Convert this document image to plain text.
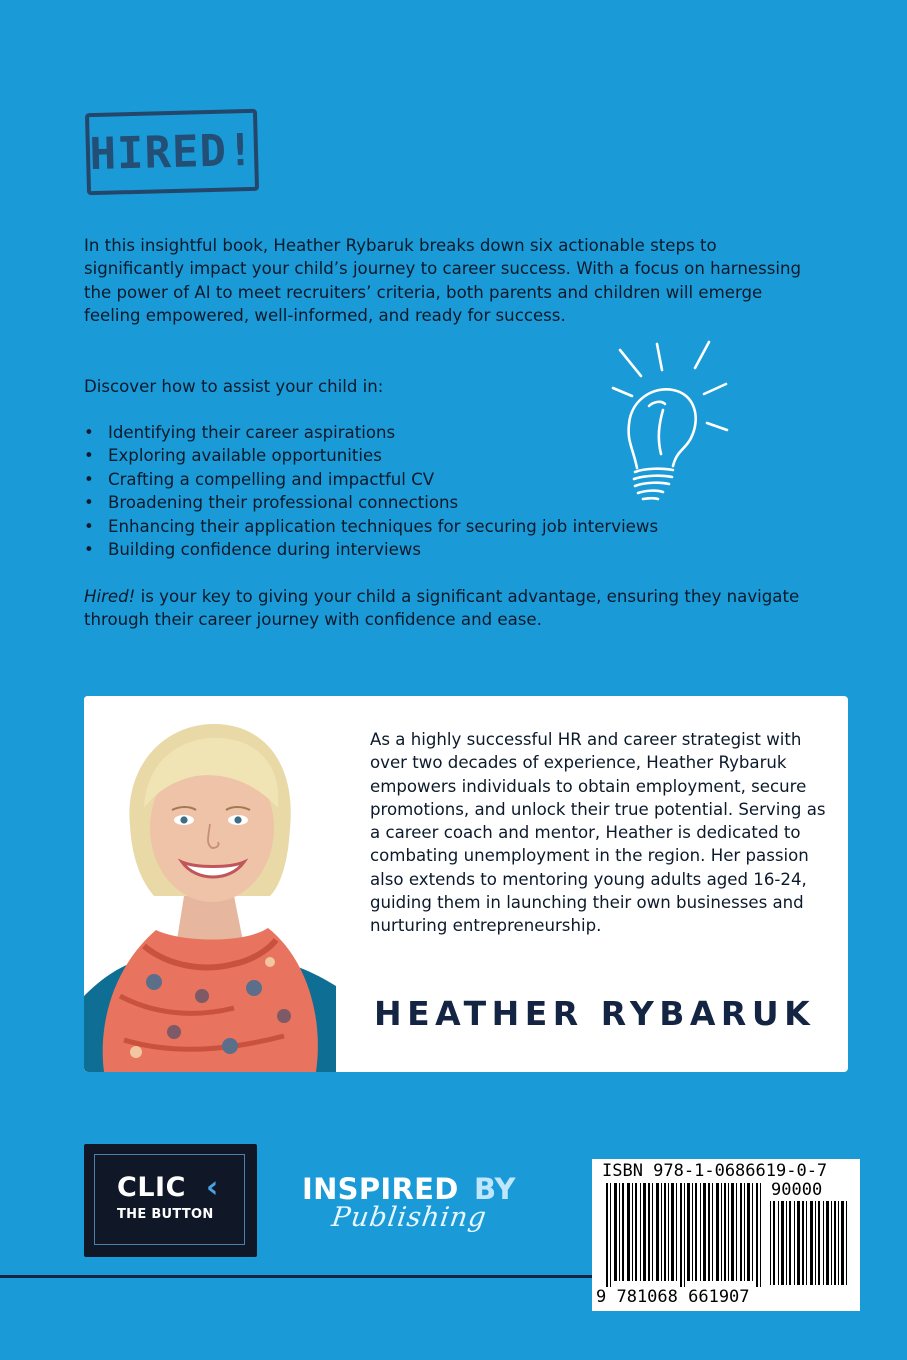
HIRED!
In this insightful book, Heather Rybaruk breaks down six actionable steps to significantly impact your child’s journey to career success. With a focus on harnessing the power of AI to meet recruiters’ criteria, both parents and children will emerge feeling empowered, well-informed, and ready for success.
Discover how to assist your child in:
• Identifying their career aspirations
• Exploring available opportunities
• Crafting a compelling and impactful CV
• Broadening their professional connections
• Enhancing their application techniques for securing job interviews
• Building confidence during interviews
Hired! is your key to giving your child a significant advantage, ensuring they navigate through their career journey with confidence and ease.
As a highly successful HR and career strategist with over two decades of experience, Heather Rybaruk empowers individuals to obtain employment, secure promotions, and unlock their true potential. Serving as a career coach and mentor, Heather is dedicated to combating unemployment in the region. Her passion also extends to mentoring young adults aged 16-24, guiding them in launching their own businesses and nurturing entrepreneurship.
HEATHER RYBARUK
CLIC ‹
THE BUTTON
INSPIRED BY
Publishing
ISBN 978-1-0686619-0-7
90000
9 781068 661907
